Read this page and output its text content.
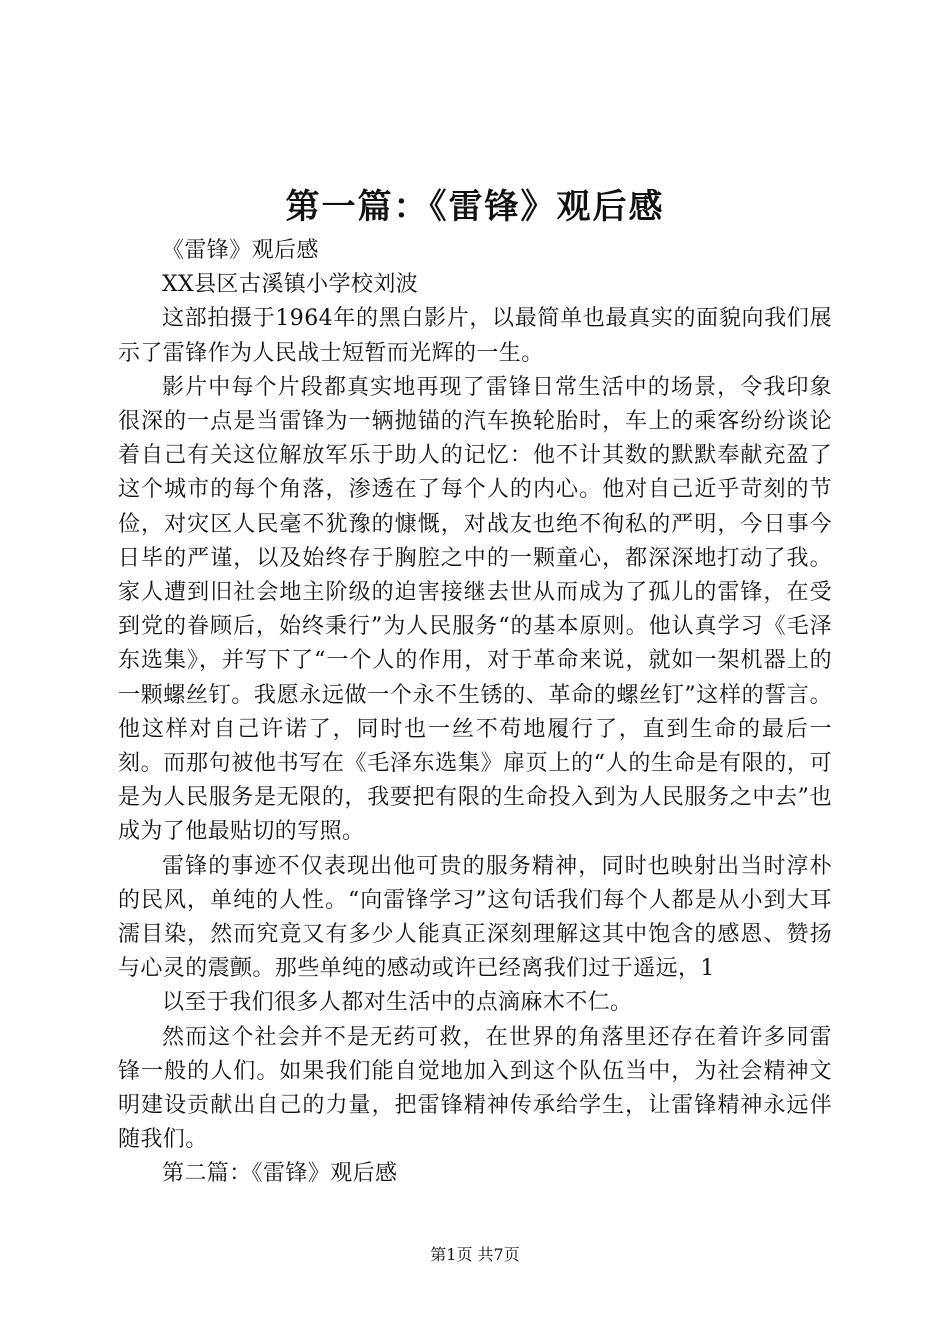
第一篇：《雷锋》观后感

《雷锋》观后感

XX县区古溪镇小学校刘波

这部拍摄于1964年的黑白影片，以最简单也最真实的面貌向我们展示了雷锋作为人民战士短暂而光辉的一生。

影片中每个片段都真实地再现了雷锋日常生活中的场景，令我印象很深的一点是当雷锋为一辆抛锚的汽车换轮胎时，车上的乘客纷纷谈论着自己有关这位解放军乐于助人的记忆：他不计其数的默默奉献充盈了这个城市的每个角落，渗透在了每个人的内心。他对自己近乎苛刻的节俭，对灾区人民毫不犹豫的慷慨，对战友也绝不徇私的严明，今日事今日毕的严谨，以及始终存于胸腔之中的一颗童心，都深深地打动了我。家人遭到旧社会地主阶级的迫害接继去世从而成为了孤儿的雷锋，在受到党的眷顾后，始终秉行”为人民服务“的基本原则。他认真学习《毛泽东选集》，并写下了“一个人的作用，对于革命来说，就如一架机器上的一颗螺丝钉。我愿永远做一个永不生锈的、革命的螺丝钉”这样的誓言。他这样对自己许诺了，同时也一丝不苟地履行了，直到生命的最后一刻。而那句被他书写在《毛泽东选集》扉页上的“人的生命是有限的，可是为人民服务是无限的，我要把有限的生命投入到为人民服务之中去”也成为了他最贴切的写照。

雷锋的事迹不仅表现出他可贵的服务精神，同时也映射出当时淳朴的民风，单纯的人性。“向雷锋学习”这句话我们每个人都是从小到大耳濡目染，然而究竟又有多少人能真正深刻理解这其中饱含的感恩、赞扬与心灵的震颤。那些单纯的感动或许已经离我们过于遥远，1

以至于我们很多人都对生活中的点滴麻木不仁。

然而这个社会并不是无药可救，在世界的角落里还存在着许多同雷锋一般的人们。如果我们能自觉地加入到这个队伍当中，为社会精神文明建设贡献出自己的力量，把雷锋精神传承给学生，让雷锋精神永远伴随我们。

第二篇：《雷锋》观后感

第1页 共7页
